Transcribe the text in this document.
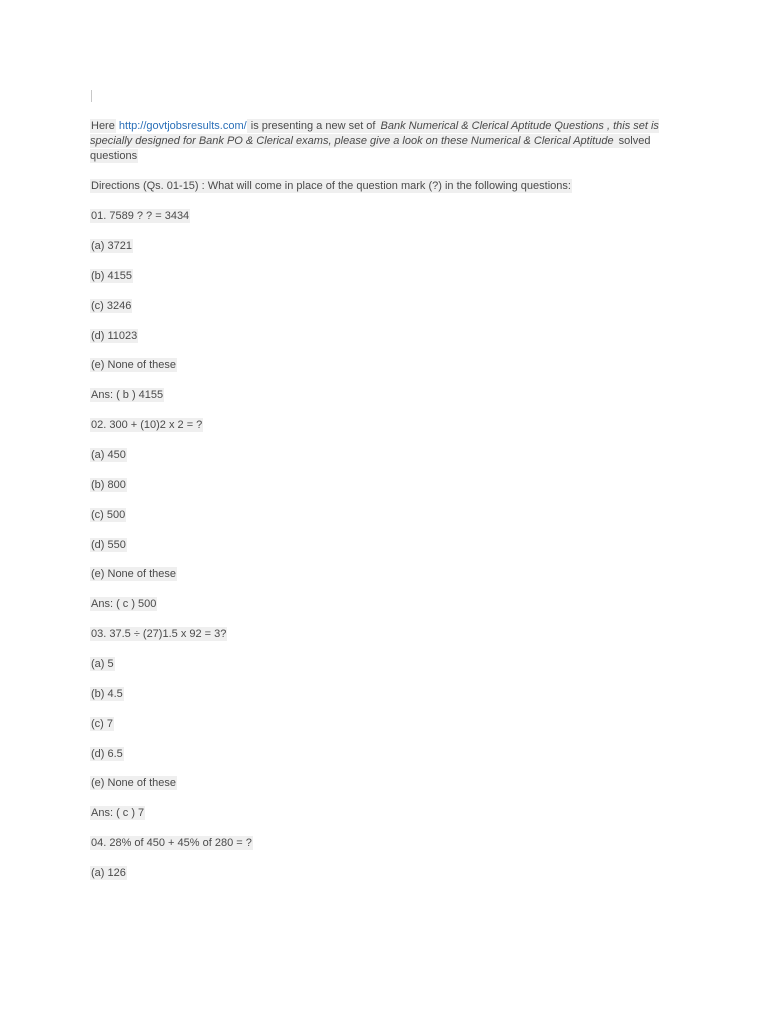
Here http://govtjobsresults.com/ is presenting a new set of Bank Numerical & Clerical Aptitude Questions , this set is specially designed for Bank PO & Clerical exams, please give a look on these Numerical & Clerical Aptitude solved questions

Directions (Qs. 01-15) : What will come in place of the question mark (?) in the following questions:
01. 7589 ? ? = 3434
(a) 3721
(b) 4155
(c) 3246
(d) 11023
(e) None of these
Ans: ( b ) 4155
02. 300 + (10)2 x 2 = ?
(a) 450
(b) 800
(c) 500
(d) 550
(e) None of these
Ans: ( c ) 500
03. 37.5 ÷ (27)1.5 x 92 = 3?
(a) 5
(b) 4.5
(c) 7
(d) 6.5
(e) None of these
Ans: ( c ) 7
04. 28% of 450 + 45% of 280 = ?
(a) 126
